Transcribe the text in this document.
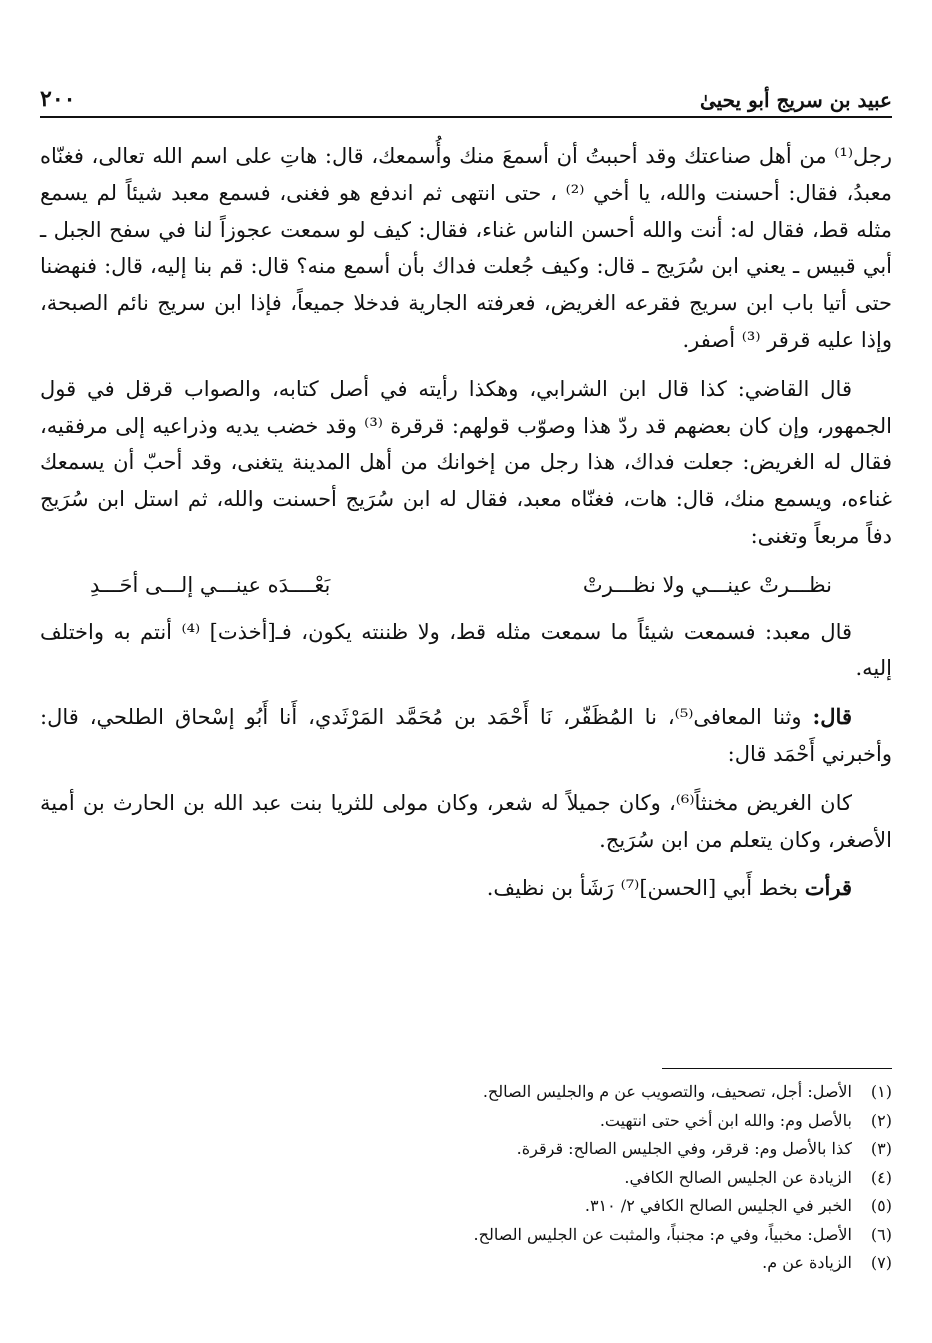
عبيد بن سريج أبو يحيىٰ
٢٠٠

رجل⁽¹⁾ من أهل صناعتك وقد أحببتُ أن أسمعَ منك وأُسمعك، قال: هاتِ على اسم الله تعالى، فغنّاه معبدُ، فقال: أحسنت والله، يا أخي ⁽²⁾ ، حتى انتهى ثم اندفع هو فغنى، فسمع معبد شيئاً لم يسمع مثله قط، فقال له: أنت والله أحسن الناس غناء، فقال: كيف لو سمعت عجوزاً لنا في سفح الجبل ـ أبي قبيس ـ يعني ابن سُرَيج ـ قال: وكيف جُعلت فداك بأن أسمع منه؟ قال: قم بنا إليه، قال: فنهضنا حتى أتيا باب ابن سريج فقرعه الغريض، فعرفته الجارية فدخلا جميعاً، فإذا ابن سريج نائم الصبحة، وإذا عليه قرقر ⁽³⁾ أصفر.

قال القاضي: كذا قال ابن الشرابي، وهكذا رأيته في أصل كتابه، والصواب قرقل في قول الجمهور، وإن كان بعضهم قد ردّ هذا وصوّب قولهم: قرقرة ⁽³⁾ وقد خضب يديه وذراعيه إلى مرفقيه، فقال له الغريض: جعلت فداك، هذا رجل من إخوانك من أهل المدينة يتغنى، وقد أحبّ أن يسمعك غناءه، ويسمع منك، قال: هات، فغنّاه معبد، فقال له ابن سُرَيج أحسنت والله، ثم استل ابن سُرَيج دفاً مربعاً وتغنى:

نظـــرتْ عينـــي ولا نظـــرتْ
بَعْــــدَه عينـــي إلـــى أحَـــدِ

قال معبد: فسمعت شيئاً ما سمعت مثله قط، ولا ظننته يكون، فـ[أخذت] ⁽⁴⁾ أنتم به واختلف إليه.

قال: وثنا المعافى⁽⁵⁾، نا المُظَفّر، نَا أَحْمَد بن مُحَمَّد المَرْثَدي، أَنا أَبُو إسْحاق الطلحي، قال: وأخبرني أَحْمَد قال:

كان الغريض مخنثاً⁽⁶⁾، وكان جميلاً له شعر، وكان مولى للثريا بنت عبد الله بن الحارث بن أمية الأصغر، وكان يتعلم من ابن سُرَيج.

قرأت بخط أَبي [الحسن]⁽⁷⁾ رَشَأ بن نظيف.

(١)
الأصل: أجل، تصحيف، والتصويب عن م والجليس الصالح.
(٢)
بالأصل وم: والله ابن أخي حتى انتهيت.
(٣)
كذا بالأصل وم: قرقر، وفي الجليس الصالح: قرقرة.
(٤)
الزيادة عن الجليس الصالح الكافي.
(٥)
الخبر في الجليس الصالح الكافي ٢/ ٣١٠.
(٦)
الأصل: مخبياً، وفي م: مجنباً، والمثبت عن الجليس الصالح.
(٧)
الزيادة عن م.
